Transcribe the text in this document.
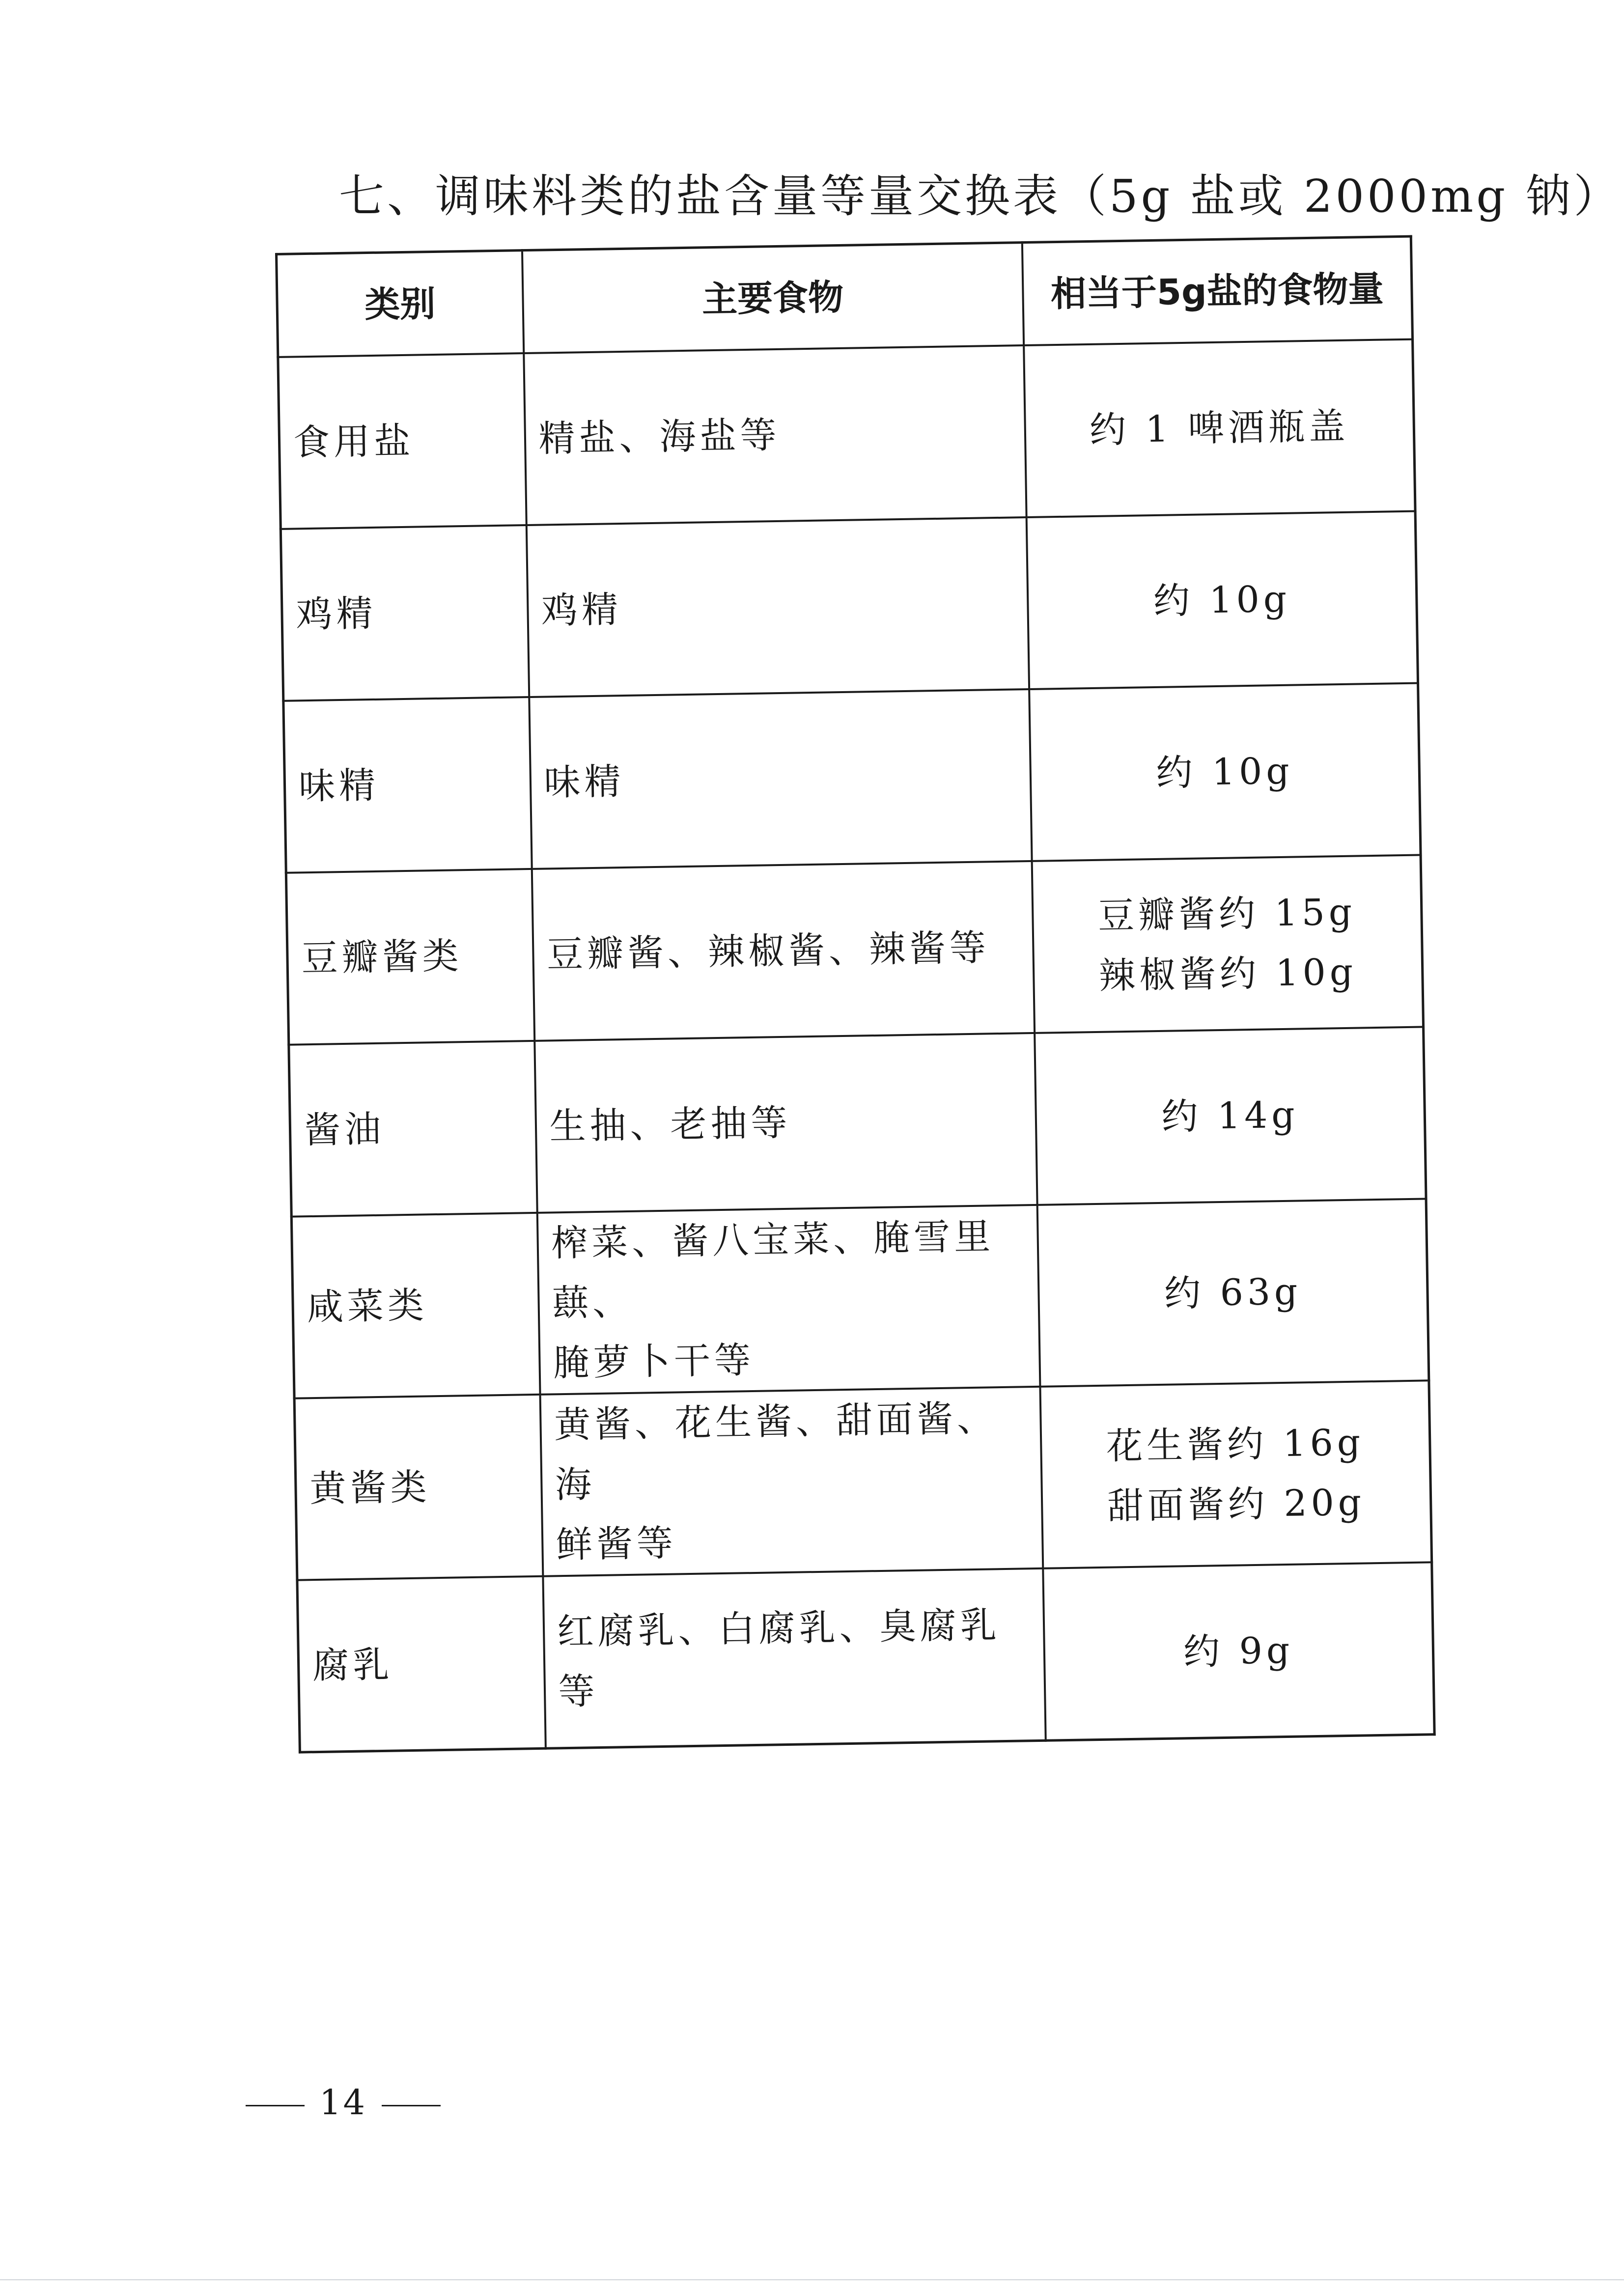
七、调味料类的盐含量等量交换表（5g 盐或 2000mg 钠）
类别	主要食物	相当于5g盐的食物量
食用盐	精盐、海盐等	约 1 啤酒瓶盖

鸡精	鸡精	约 10g

味精	味精	约 10g

豆瓣酱类	豆瓣酱、辣椒酱、辣酱等	豆瓣酱约 15g
辣椒酱约 10g

酱油	生抽、老抽等	约 14g

咸菜类	榨菜、酱八宝菜、腌雪里蕻、
腌萝卜干等	约 63g

黄酱类	黄酱、花生酱、甜面酱、海
鲜酱等	花生酱约 16g
甜面酱约 20g

腐乳	红腐乳、白腐乳、臭腐乳等	约 9g
14
